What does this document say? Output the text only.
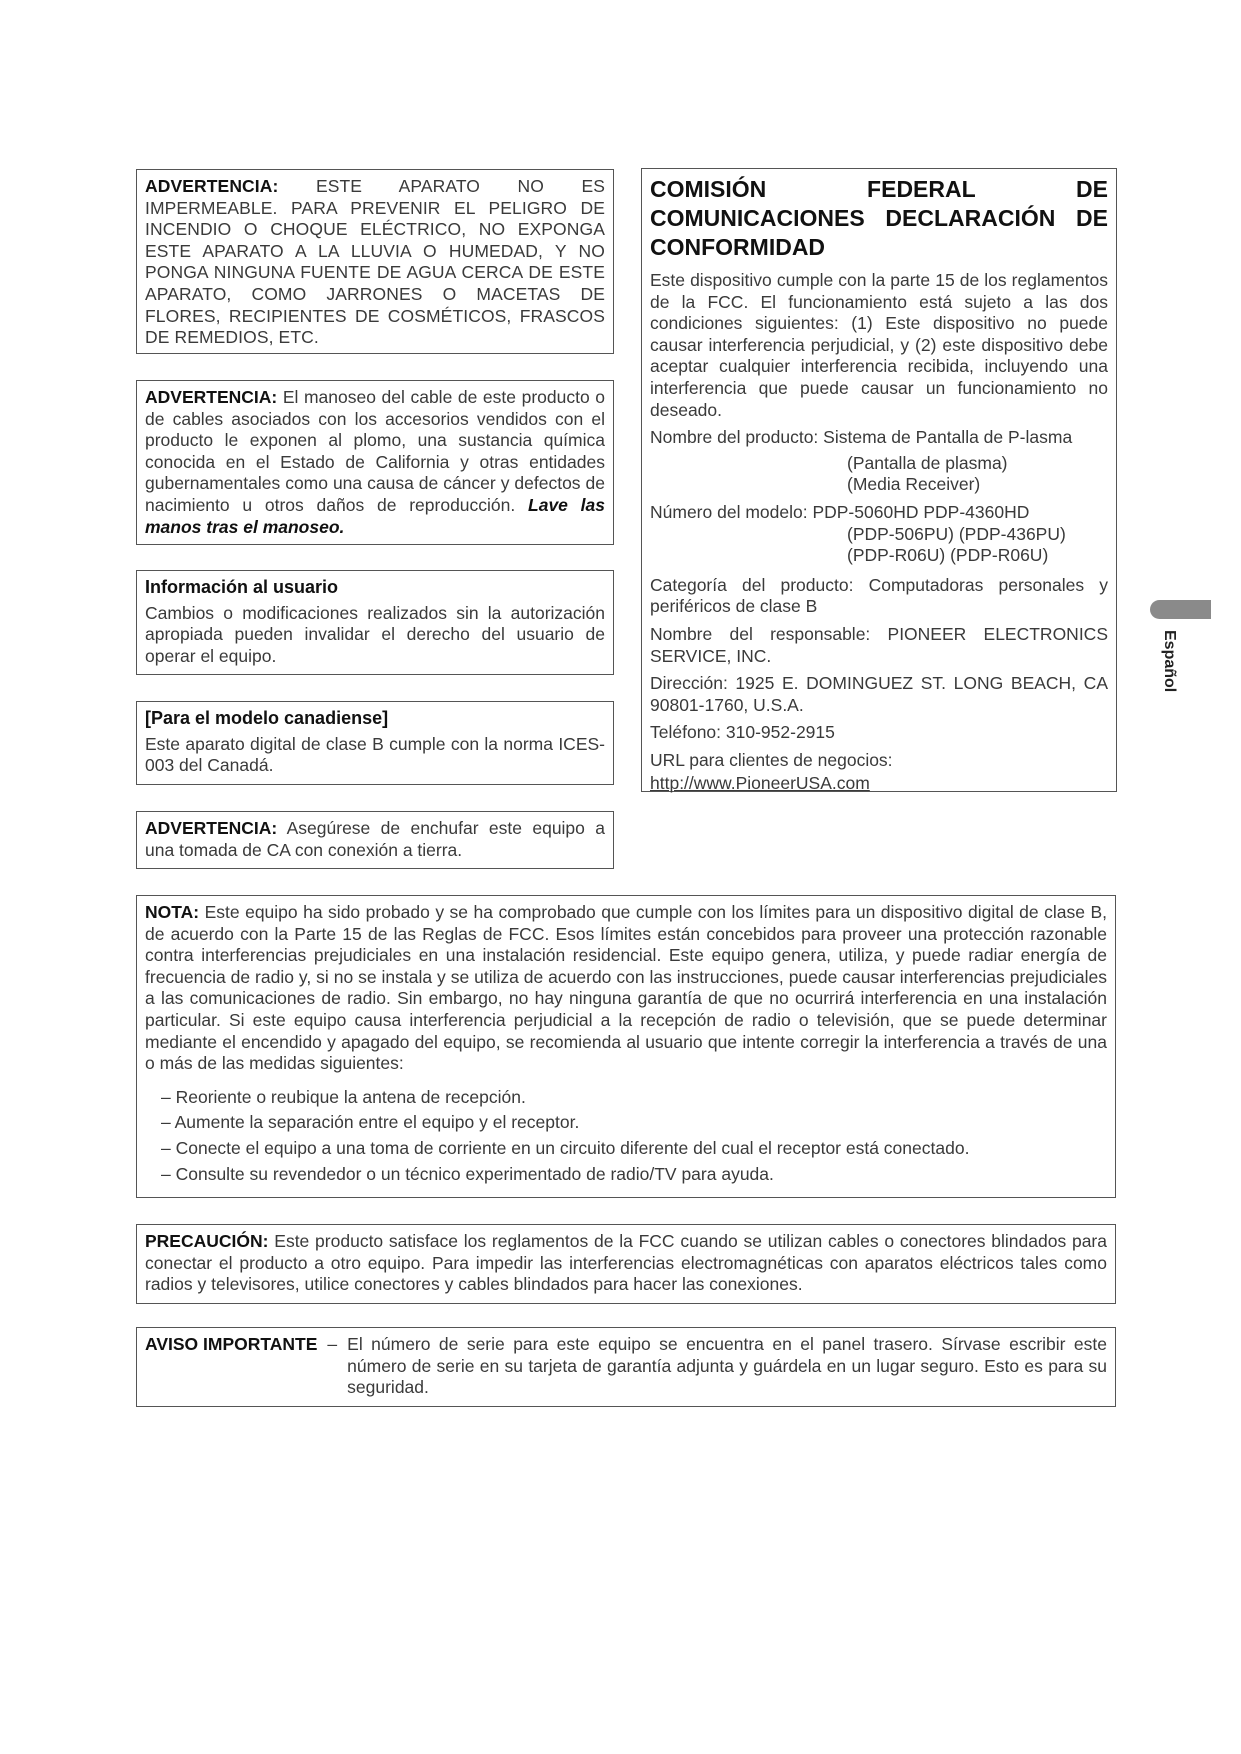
ADVERTENCIA: ESTE APARATO NO ES IMPERMEABLE. PARA PREVENIR EL PELIGRO DE INCENDIO O CHOQUE ELÉCTRICO, NO EXPONGA ESTE APARATO A LA LLUVIA O HUMEDAD, Y NO PONGA NINGUNA FUENTE DE AGUA CERCA DE ESTE APARATO, COMO JARRONES O MACETAS DE FLORES, RECIPIENTES DE COSMÉTICOS, FRASCOS DE REMEDIOS, ETC.
ADVERTENCIA: El manoseo del cable de este producto o de cables asociados con los accesorios vendidos con el producto le exponen al plomo, una sustancia química conocida en el Estado de California y otras entidades gubernamentales como una causa de cáncer y defectos de nacimiento u otros daños de reproducción. Lave las manos tras el manoseo.
Información al usuario
Cambios o modificaciones realizados sin la autorización apropiada pueden invalidar el derecho del usuario de operar el equipo.
[Para el modelo canadiense]
Este aparato digital de clase B cumple con la norma ICES-003 del Canadá.
ADVERTENCIA: Asegúrese de enchufar este equipo a una tomada de CA con conexión a tierra.
COMISIÓN FEDERAL DE COMUNICACIONES DECLARACIÓN DE CONFORMIDAD

Este dispositivo cumple con la parte 15 de los reglamentos de la FCC. El funcionamiento está sujeto a las dos condiciones siguientes: (1) Este dispositivo no puede causar interferencia perjudicial, y (2) este dispositivo debe aceptar cualquier interferencia recibida, incluyendo una interferencia que puede causar un funcionamiento no deseado.

Nombre del producto: Sistema de Pantalla de P-lasma

(Pantalla de plasma)
(Media Receiver)

Número del modelo: PDP-5060HD PDP-4360HD

(PDP-506PU) (PDP-436PU)
(PDP-R06U) (PDP-R06U)

Categoría del producto: Computadoras personales y periféricos de clase B

Nombre del responsable: PIONEER ELECTRONICS SERVICE, INC.

Dirección: 1925 E. DOMINGUEZ ST. LONG BEACH, CA 90801-1760, U.S.A.

Teléfono: 310-952-2915

URL para clientes de negocios:

http://www.PioneerUSA.com
NOTA: Este equipo ha sido probado y se ha comprobado que cumple con los límites para un dispositivo digital de clase B, de acuerdo con la Parte 15 de las Reglas de FCC. Esos límites están concebidos para proveer una protección razonable contra interferencias prejudiciales en una instalación residencial. Este equipo genera, utiliza, y puede radiar energía de frecuencia de radio y, si no se instala y se utiliza de acuerdo con las instrucciones, puede causar interferencias prejudiciales a las comunicaciones de radio. Sin embargo, no hay ninguna garantía de que no ocurrirá interferencia en una instalación particular. Si este equipo causa interferencia perjudicial a la recepción de radio o televisión, que se puede determinar mediante el encendido y apagado del equipo, se recomienda al usuario que intente corregir la interferencia a través de una o más de las medidas siguientes:
– Reoriente o reubique la antena de recepción.
– Aumente la separación entre el equipo y el receptor.
– Conecte el equipo a una toma de corriente en un circuito diferente del cual el receptor está conectado.
– Consulte su revendedor o un técnico experimentado de radio/TV para ayuda.
PRECAUCIÓN: Este producto satisface los reglamentos de la FCC cuando se utilizan cables o conectores blindados para conectar el producto a otro equipo. Para impedir las interferencias electromagnéticas con aparatos eléctricos tales como radios y televisores, utilice conectores y cables blindados para hacer las conexiones.
AVISO IMPORTANTE – El número de serie para este equipo se encuentra en el panel trasero. Sírvase escribir este número de serie en su tarjeta de garantía adjunta y guárdela en un lugar seguro. Esto es para su seguridad.
Español
